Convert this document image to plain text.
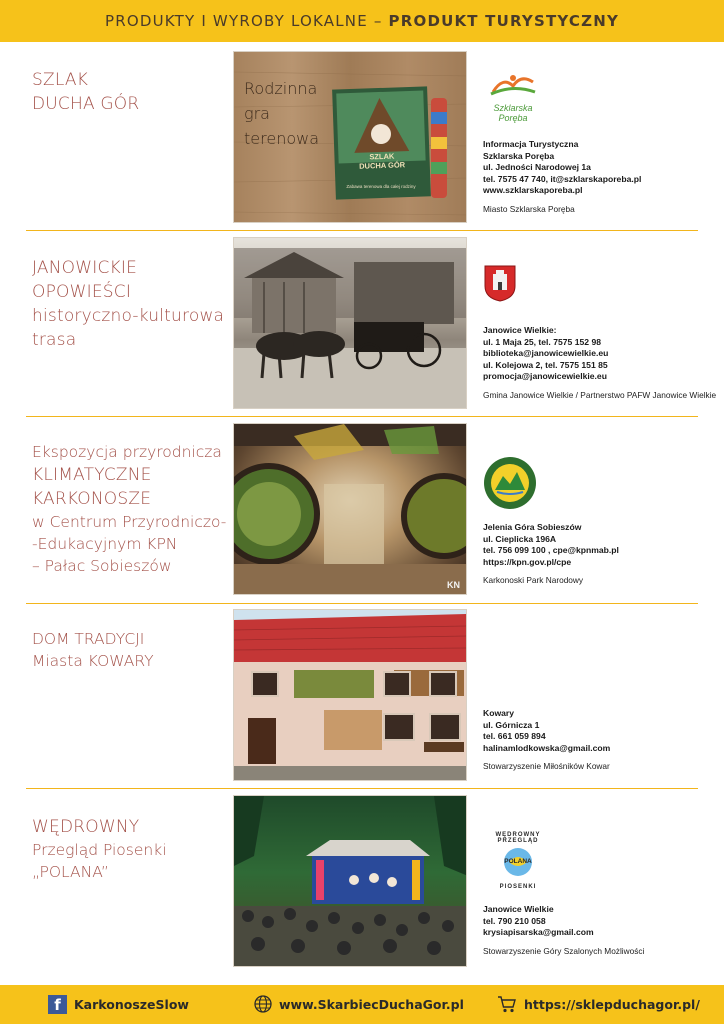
PRODUKTY I WYROBY LOKALNE – PRODUKT TURYSTYCZNY
SZLAK
DUCHA GÓR
Rodzinna
gra
terenowa
SZLAK
DUCHA GÓR
Zabawa terenowa dla całej rodziny
Szklarska
Poręba
Informacja Turystyczna
Szklarska Poręba
ul. Jedności Narodowej 1a
tel. 7575 47 740, it@szklarskaporeba.pl
www.szklarskaporeba.pl
Miasto Szklarska Poręba
JANOWICKIE
OPOWIEŚCI
historyczno-kulturowa
trasa	Janowice Wielkie:
ul. 1 Maja 25, tel. 7575 152 98
biblioteka@janowicewielkie.eu
ul. Kolejowa 2, tel. 7575 151 85
promocja@janowicewielkie.eu
Gmina Janowice Wielkie / Partnerstwo PAFW Janowice Wielkie
Ekspozycja przyrodnicza
KLIMATYCZNE
KARKONOSZE
w Centrum Przyrodniczo-
-Edukacyjnym KPN
– Pałac Sobieszów
KN
Jelenia Góra Sobieszów
ul. Cieplicka 196A
tel. 756 099 100 , cpe@kpnmab.pl
https://kpn.gov.pl/cpe
Karkonoski Park Narodowy
DOM TRADYCJI
Miasta KOWARY
Kowary
ul. Górnicza 1
tel. 661 059 894
halinamlodkowska@gmail.com
Stowarzyszenie Miłośników Kowar
WĘDROWNY
Przegląd Piosenki
„POLANA”
WĘDROWNY PRZEGLĄD
POLANA
PIOSENKI
Janowice Wielkie
tel. 790 210 058
krysiapisarska@gmail.com
Stowarzyszenie Góry Szalonych Możliwości
f	KarkonoszeSlow	www.SkarbiecDuchaGor.pl	https://sklepduchagor.pl/
